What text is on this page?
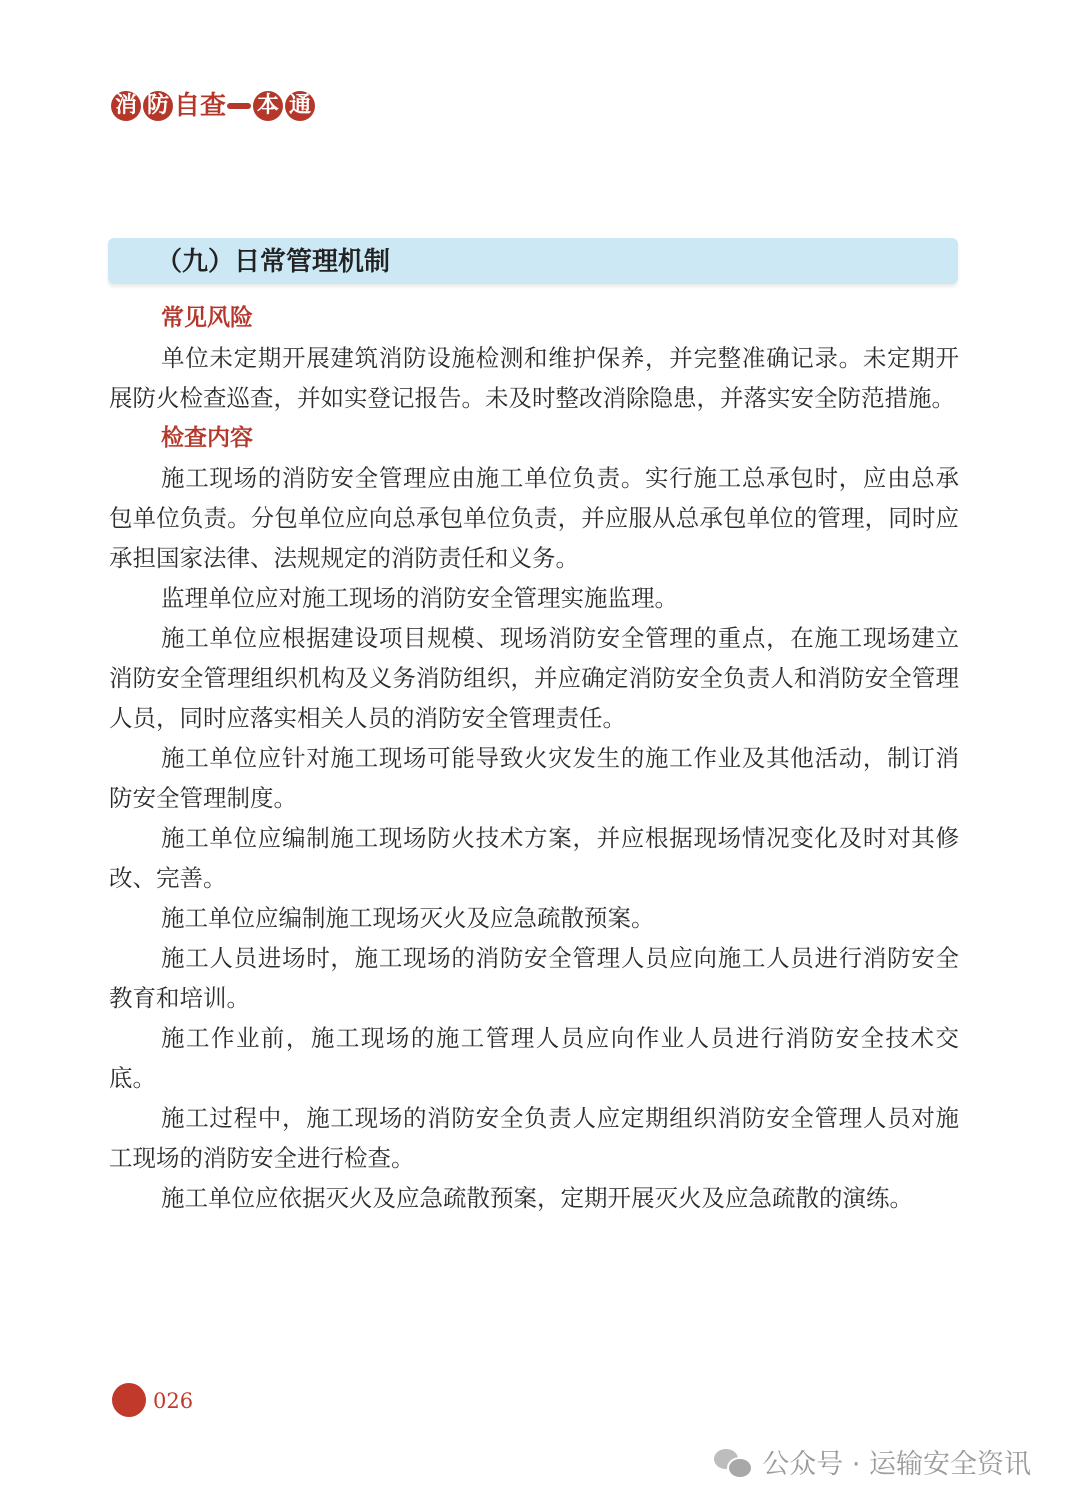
消 防 自 查 本 通
（九）日常管理机制
常见风险

单位未定期开展建筑消防设施检测和维护保养，并完整准确记录。未定期开展防火检查巡查，并如实登记报告。未及时整改消除隐患，并落实安全防范措施。

检查内容

施工现场的消防安全管理应由施工单位负责。实行施工总承包时，应由总承包单位负责。分包单位应向总承包单位负责，并应服从总承包单位的管理，同时应承担国家法律、法规规定的消防责任和义务。

监理单位应对施工现场的消防安全管理实施监理。

施工单位应根据建设项目规模、现场消防安全管理的重点，在施工现场建立消防安全管理组织机构及义务消防组织，并应确定消防安全负责人和消防安全管理人员，同时应落实相关人员的消防安全管理责任。

施工单位应针对施工现场可能导致火灾发生的施工作业及其他活动，制订消防安全管理制度。

施工单位应编制施工现场防火技术方案，并应根据现场情况变化及时对其修改、完善。

施工单位应编制施工现场灭火及应急疏散预案。

施工人员进场时，施工现场的消防安全管理人员应向施工人员进行消防安全教育和培训。

施工作业前，施工现场的施工管理人员应向作业人员进行消防安全技术交底。

施工过程中，施工现场的消防安全负责人应定期组织消防安全管理人员对施工现场的消防安全进行检查。

施工单位应依据灭火及应急疏散预案，定期开展灭火及应急疏散的演练。

026
公众号 · 运输安全资讯
